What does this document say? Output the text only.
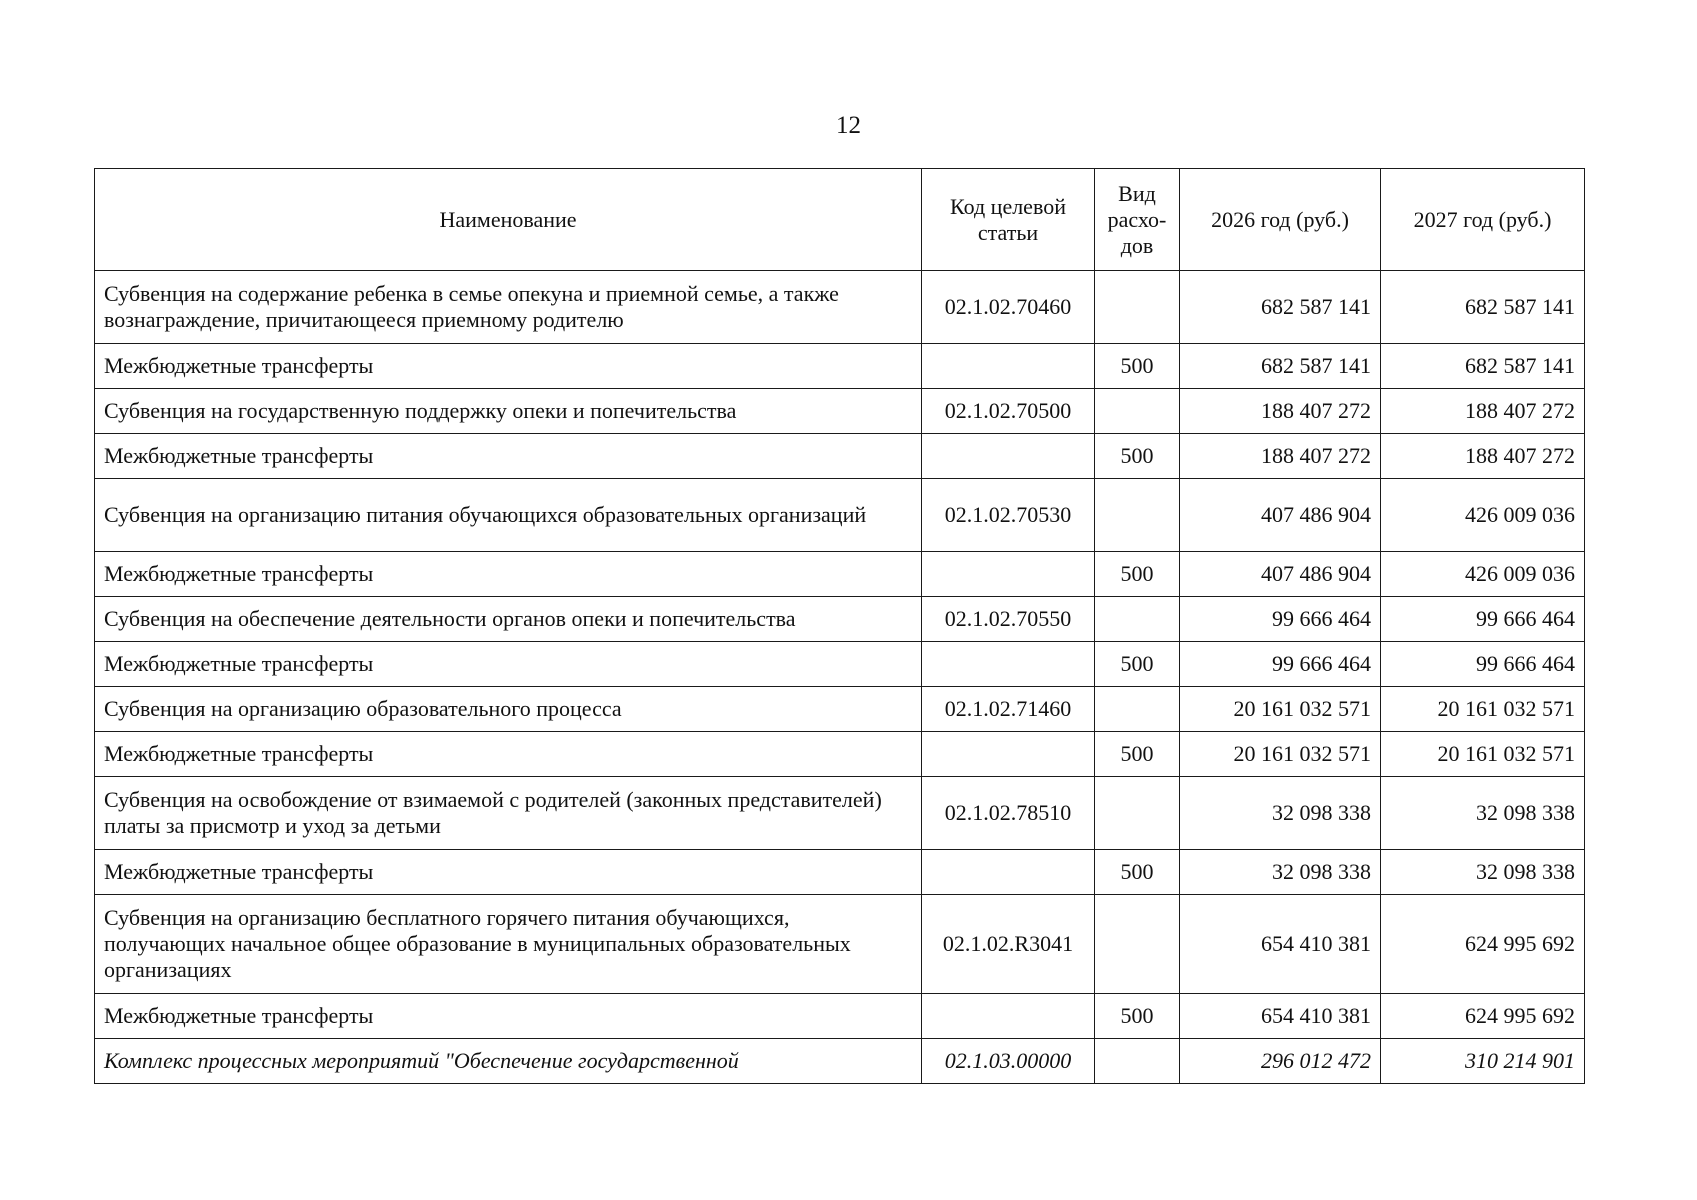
12
Наименование	Код целевой статьи	Вид расхо-дов	2026 год (руб.)	2027 год (руб.)
Субвенция на содержание ребенка в семье опекуна и приемной семье, а также вознаграждение, причитающееся приемному родителю	02.1.02.70460		682 587 141	682 587 141
Межбюджетные трансферты		500	682 587 141	682 587 141
Субвенция на государственную поддержку опеки и попечительства	02.1.02.70500		188 407 272	188 407 272
Межбюджетные трансферты		500	188 407 272	188 407 272
Субвенция на организацию питания обучающихся образовательных организаций	02.1.02.70530		407 486 904	426 009 036
Межбюджетные трансферты		500	407 486 904	426 009 036
Субвенция на обеспечение деятельности органов опеки и попечительства	02.1.02.70550		99 666 464	99 666 464
Межбюджетные трансферты		500	99 666 464	99 666 464
Субвенция на организацию образовательного процесса	02.1.02.71460		20 161 032 571	20 161 032 571
Межбюджетные трансферты		500	20 161 032 571	20 161 032 571
Субвенция на освобождение от взимаемой с родителей (законных представителей) платы за присмотр и уход за детьми	02.1.02.78510		32 098 338	32 098 338
Межбюджетные трансферты		500	32 098 338	32 098 338
Субвенция на организацию бесплатного горячего питания обучающихся, получающих начальное общее образование в муниципальных образовательных организациях	02.1.02.R3041		654 410 381	624 995 692
Межбюджетные трансферты		500	654 410 381	624 995 692
Комплекс процессных мероприятий "Обеспечение государственной	02.1.03.00000		296 012 472	310 214 901
